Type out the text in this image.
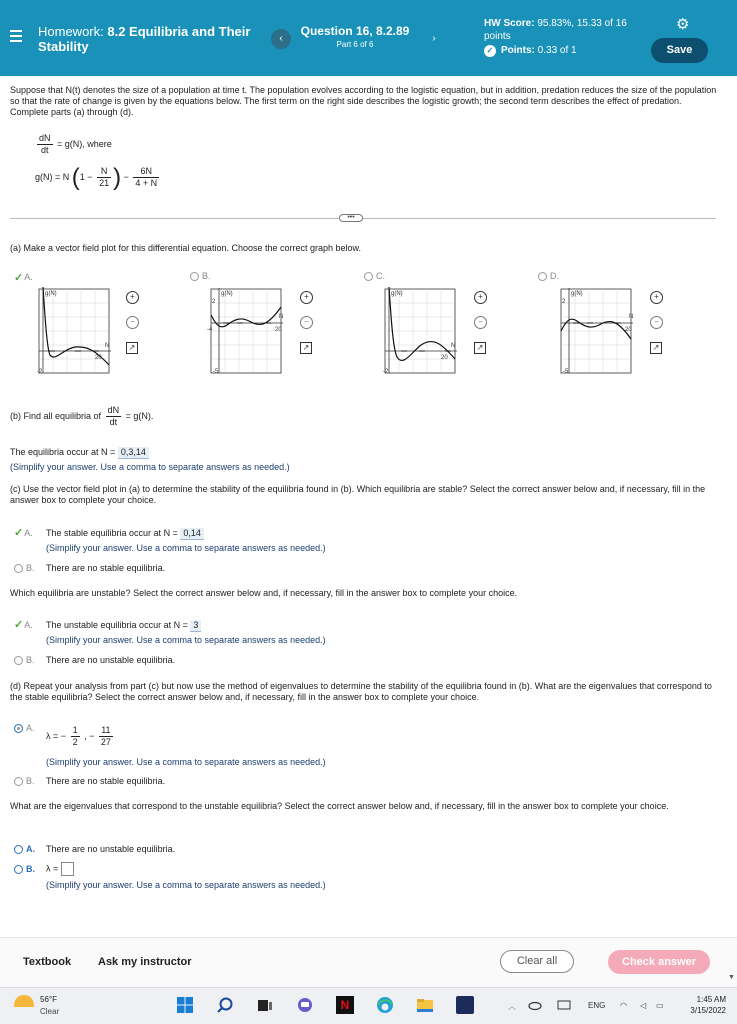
Homework: 8.2 Equilibria and Their Stability
‹
Question 16, 8.2.89
Part 6 of 6
›
HW Score: 95.83%, 15.33 of 16 points
✓ Points: 0.33 of 1
⚙
Save
Suppose that N(t) denotes the size of a population at time t. The population evolves according to the logistic equation, but in addition, predation reduces the size of the population so that the rate of change is given by the equations below. The first term on the right side describes the logistic growth; the second term describes the effect of predation. Complete parts (a) through (d).
$\frac{dN}{dt} = g(N)$, where
g(N) = N ($1 - \frac{N}{21}$ ) − $\frac{6N}{4 + N}$
•••
(a) Make a vector field plot for this differential equation. Choose the correct graph below.
✓A.
g(N)
N
20
-2
+
−
↗
B.
g(N)
N
20
2
-4
-5
+
−
↗
C.
g(N)
N
20
-2
+
−
↗
D.
g(N)
N
20
2
-5
+
−
↗
(b) Find all equilibria of $\frac{dN}{dt} = g(N)$.
The equilibria occur at N = 0,3,14
(Simplify your answer. Use a comma to separate answers as needed.)
(c) Use the vector field plot in (a) to determine the stability of the equilibria found in (b). Which equilibria are stable? Select the correct answer below and, if necessary, fill in the answer box to complete your choice.
✓A. The stable equilibria occur at N = 0,14
(Simplify your answer. Use a comma to separate answers as needed.)
B. There are no stable equilibria.
Which equilibria are unstable? Select the correct answer below and, if necessary, fill in the answer box to complete your choice.
✓A. The unstable equilibria occur at N = 3
(Simplify your answer. Use a comma to separate answers as needed.)
B. There are no unstable equilibria.
(d) Repeat your analysis from part (c) but now use the method of eigenvalues to determine the stability of the equilibria found in (b). What are the eigenvalues that correspond to the stable equilibria? Select the correct answer below and, if necessary, fill in the answer box to complete your choice.
A.
λ = − $\frac{1}{2}$ , − $\frac{11}{27}$
(Simplify your answer. Use a comma to separate answers as needed.)
B. There are no stable equilibria.
What are the eigenvalues that correspond to the unstable equilibria? Select the correct answer below and, if necessary, fill in the answer box to complete your choice.
A. There are no unstable equilibria.
B. λ =
(Simplify your answer. Use a comma to separate answers as needed.)
Textbook Ask my instructor	Clear all	Check answer
▼
56°F
Clear	N	︿	ENG ◠ ◁ ▭
1:45 AM
3/15/2022
